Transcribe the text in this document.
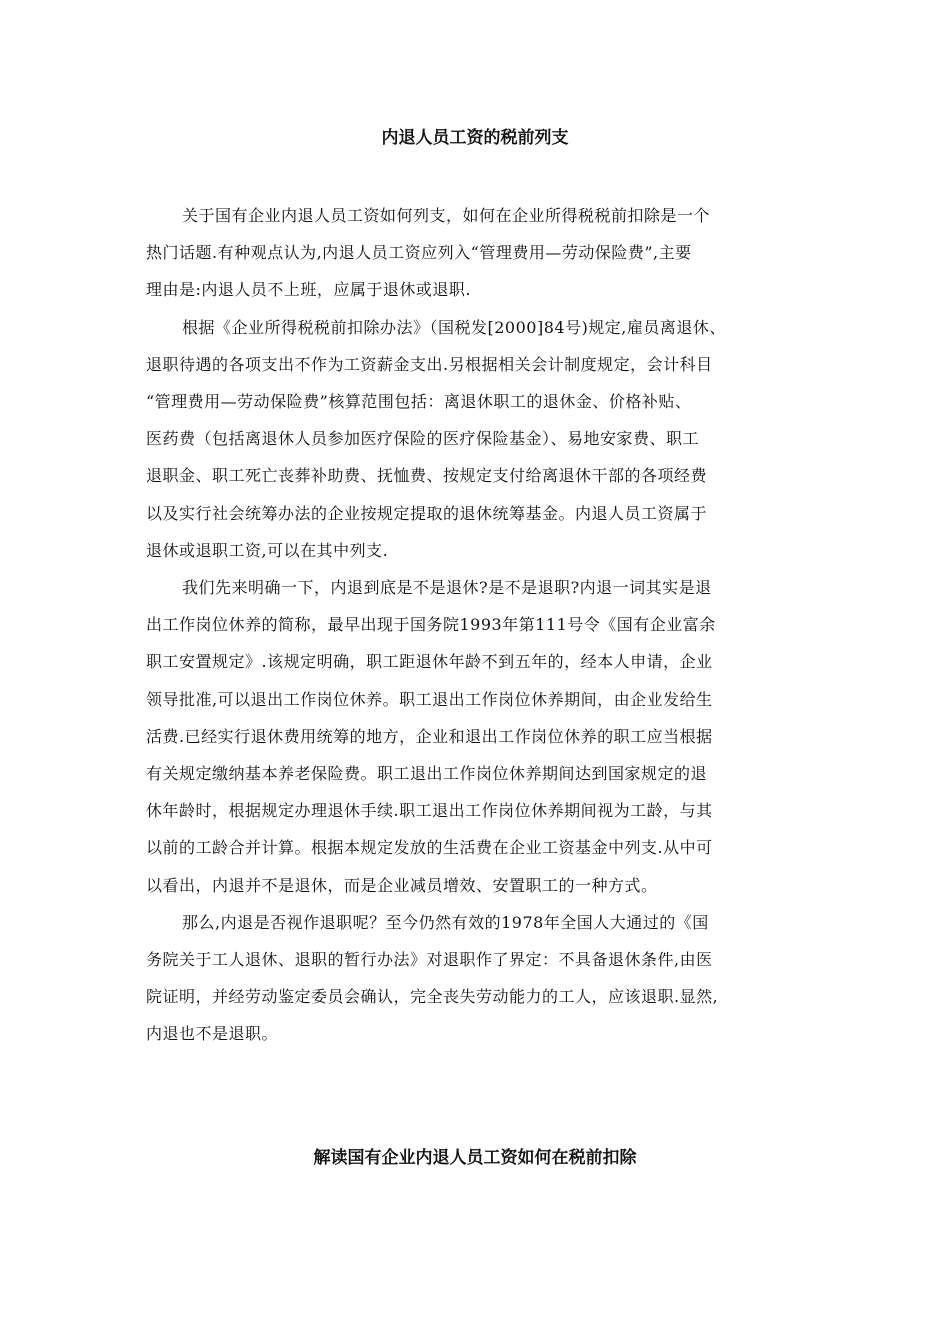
内退人员工资的税前列支

关于国有企业内退人员工资如何列支，如何在企业所得税税前扣除是一个
热门话题.有种观点认为,内退人员工资应列入“管理费用—劳动保险费”,主要
理由是:内退人员不上班，应属于退休或退职.

根据《企业所得税税前扣除办法》（国税发[2000]84号)规定,雇员离退休、
退职待遇的各项支出不作为工资薪金支出.另根据相关会计制度规定，会计科目
“管理费用—劳动保险费”核算范围包括：离退休职工的退休金、价格补贴、
医药费（包括离退休人员参加医疗保险的医疗保险基金）、易地安家费、职工
退职金、职工死亡丧葬补助费、抚恤费、按规定支付给离退休干部的各项经费
以及实行社会统筹办法的企业按规定提取的退休统筹基金。内退人员工资属于
退休或退职工资,可以在其中列支.

我们先来明确一下，内退到底是不是退休?是不是退职?内退一词其实是退
出工作岗位休养的简称，最早出现于国务院1993年第111号令《国有企业富余
职工安置规定》.该规定明确，职工距退休年龄不到五年的，经本人申请，企业
领导批准,可以退出工作岗位休养。职工退出工作岗位休养期间，由企业发给生
活费.已经实行退休费用统筹的地方，企业和退出工作岗位休养的职工应当根据
有关规定缴纳基本养老保险费。职工退出工作岗位休养期间达到国家规定的退
休年龄时，根据规定办理退休手续.职工退出工作岗位休养期间视为工龄，与其
以前的工龄合并计算。根据本规定发放的生活费在企业工资基金中列支.从中可
以看出，内退并不是退休，而是企业减员增效、安置职工的一种方式。

那么,内退是否视作退职呢？至今仍然有效的1978年全国人大通过的《国
务院关于工人退休、退职的暂行办法》对退职作了界定：不具备退休条件,由医
院证明，并经劳动鉴定委员会确认，完全丧失劳动能力的工人，应该退职.显然,
内退也不是退职。

解读国有企业内退人员工资如何在税前扣除
